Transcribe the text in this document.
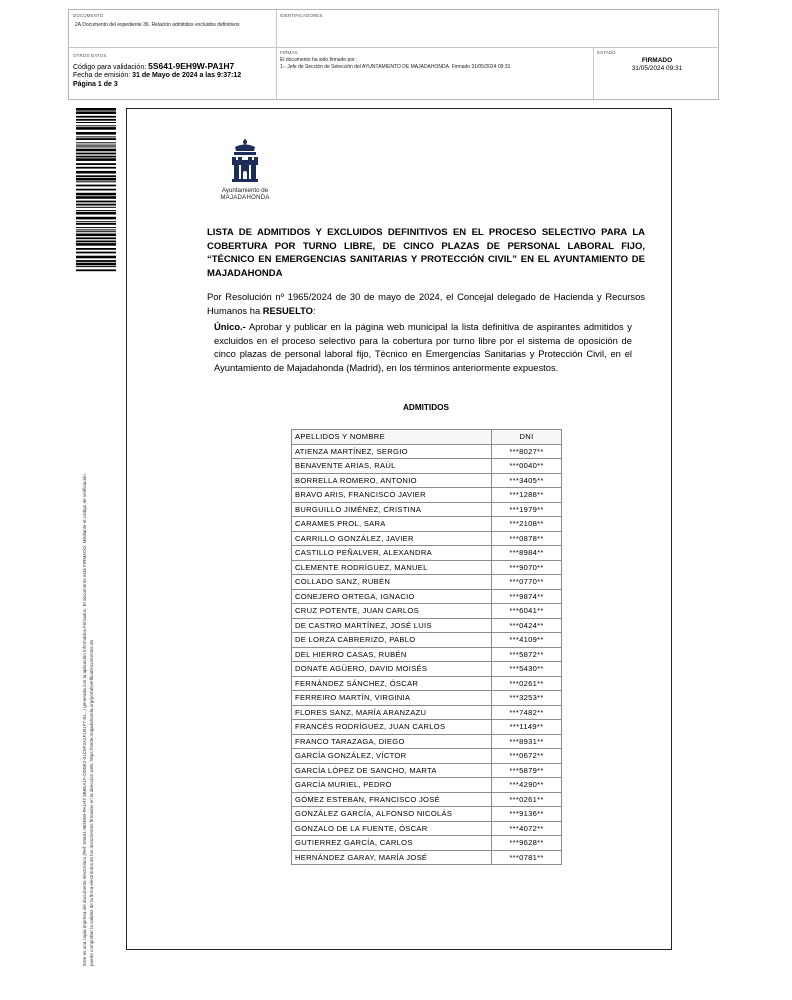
DOCUMENTO
2A Documento del expediente 36. Relación admitidos excluidos definitivos
IDENTIFICADORES
OTROS DATOS
Código para validación: 5S641-9EH9W-PA1H7
Fecha de emisión: 31 de Mayo de 2024 a las 9:37:12
Página 1 de 3
FIRMAS
El documento ha sido firmado por :
1.- Jefe de Sección de Selección del AYUNTAMIENTO DE MAJADAHONDA. Firmado 31/05/2024 09:31
ESTADO
FIRMADO
31/05/2024 09:31
Este es una copia impresa del documento electrónico (Ref: 5S641-9EH9W-PA1H7 3B6EA1F-DD0E2-01C8F2A2F1B1F7-81...) generada con la aplicación informática Firmadoc. El documento está FIRMADO. Mediante el código de verificación puede comprobar la validez de la firma electrónica de los documentos firmados en la dirección web: https://sede.majadahonda.org/portal/verificaDocumentos.do
Ayuntamiento de
MAJADAHONDA
LISTA DE ADMITIDOS Y EXCLUIDOS DEFINITIVOS EN EL PROCESO SELECTIVO PARA LA COBERTURA POR TURNO LIBRE, DE CINCO PLAZAS DE PERSONAL LABORAL FIJO, “TÉCNICO EN EMERGENCIAS SANITARIAS Y PROTECCIÓN CIVIL” EN EL AYUNTAMIENTO DE MAJADAHONDA
Por Resolución nº 1965/2024 de 30 de mayo de 2024, el Concejal delegado de Hacienda y Recursos Humanos ha RESUELTO:
Único.- Aprobar y publicar en la página web municipal la lista definitiva de aspirantes admitidos y excluidos en el proceso selectivo para la cobertura por turno libre por el sistema de oposición de cinco plazas de personal laboral fijo, Técnico en Emergencias Sanitarias y Protección Civil, en el Ayuntamiento de Majadahonda (Madrid), en los términos anteriormente expuestos.
ADMITIDOS
APELLIDOS Y NOMBRE	DNI
ATIENZA MARTÍNEZ, SERGIO	***8027**
BENAVENTE ARIAS, RAÚL	***0040**
BORRELLA ROMERO, ANTONIO	***3405**
BRAVO ARIS, FRANCISCO JAVIER	***1288**
BURGUILLO JIMÉNEZ, CRISTINA	***1979**
CARAMES PROL, SARA	***2108**
CARRILLO GONZÁLEZ, JAVIER	***0878**
CASTILLO PEÑALVER, ALEXANDRA	***8984**
CLEMENTE RODRÍGUEZ, MANUEL	***9070**
COLLADO SANZ, RUBÉN	***0770**
CONEJERO ORTEGA, IGNACIO	***9874**
CRUZ POTENTE, JUAN CARLOS	***6041**
DE CASTRO MARTÍNEZ, JOSÉ LUIS	***0424**
DE LORZA CABRERIZO, PABLO	***4109**
DEL HIERRO CASAS, RUBÉN	***5872**
DONATE AGÜERO, DAVID MOISÉS	***5430**
FERNÁNDEZ SÁNCHEZ, ÓSCAR	***0261**
FERREIRO MARTÍN, VIRGINIA	***3253**
FLORES SANZ, MARÍA ARANZAZU	***7482**
FRANCÉS RODRÍGUEZ, JUAN CARLOS	***1149**
FRANCO TARAZAGA, DIEGO	***8931**
GARCÍA GONZÁLEZ, VÍCTOR	***0672**
GARCÍA LÓPEZ DE SANCHO, MARTA	***5879**
GARCÍA MURIEL, PEDRO	***4290**
GÓMEZ ESTEBAN, FRANCISCO JOSÉ	***0261**
GONZÁLEZ GARCÍA, ALFONSO NICOLÁS	***9136**
GONZALO DE LA FUENTE, ÓSCAR	***4072**
GUTIERREZ GARCÍA, CARLOS	***9628**
HERNÁNDEZ GARAY, MARÍA JOSÉ	***0781**
